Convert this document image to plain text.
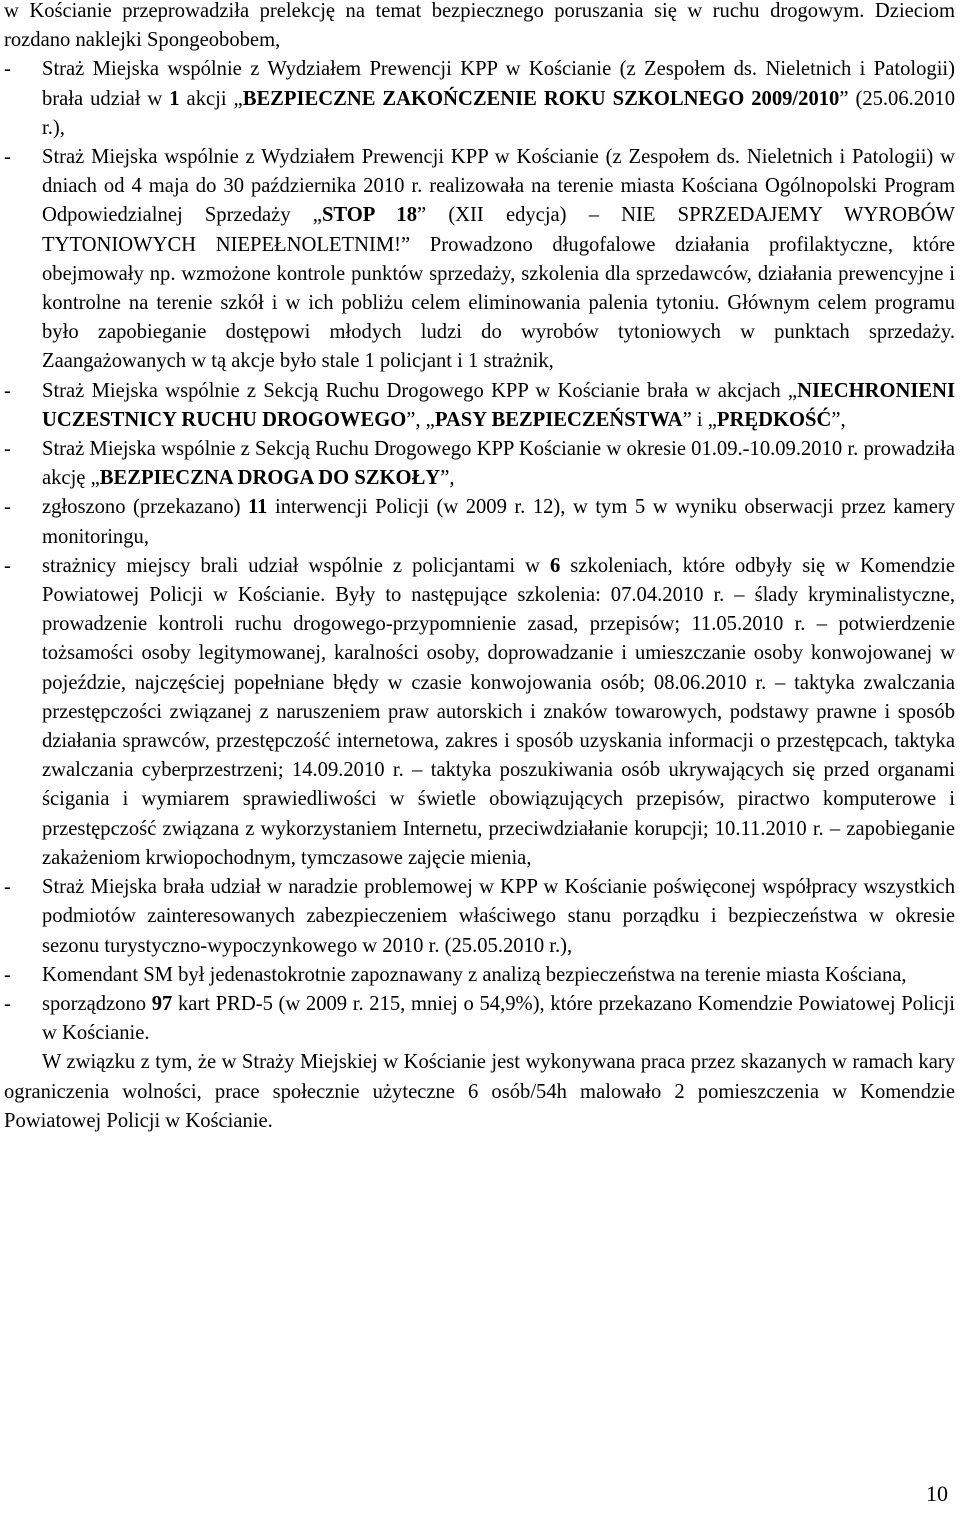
w Kościanie przeprowadziła prelekcję na temat bezpiecznego poruszania się w ruchu drogowym. Dzieciom rozdano naklejki Spongeobobem,

- Straż Miejska wspólnie z Wydziałem Prewencji KPP w Kościanie (z Zespołem ds. Nieletnich i Patologii) brała udział w 1 akcji „BEZPIECZNE ZAKOŃCZENIE ROKU SZKOLNEGO 2009/2010” (25.06.2010 r.),
- Straż Miejska wspólnie z Wydziałem Prewencji KPP w Kościanie (z Zespołem ds. Nieletnich i Patologii) w dniach od 4 maja do 30 października 2010 r. realizowała na terenie miasta Kościana Ogólnopolski Program Odpowiedzialnej Sprzedaży „STOP 18” (XII edycja) – NIE SPRZEDAJEMY WYROBÓW TYTONIOWYCH NIEPEŁNOLETNIM!” Prowadzono długofalowe działania profilaktyczne, które obejmowały np. wzmożone kontrole punktów sprzedaży, szkolenia dla sprzedawców, działania prewencyjne i kontrolne na terenie szkół i w ich pobliżu celem eliminowania palenia tytoniu. Głównym celem programu było zapobieganie dostępowi młodych ludzi do wyrobów tytoniowych w punktach sprzedaży. Zaangażowanych w tą akcje było stale 1 policjant i 1 strażnik,
- Straż Miejska wspólnie z Sekcją Ruchu Drogowego KPP w Kościanie brała w akcjach „NIECHRONIENI UCZESTNICY RUCHU DROGOWEGO”, „PASY BEZPIECZEŃSTWA” i „PRĘDKOŚĆ”,
- Straż Miejska wspólnie z Sekcją Ruchu Drogowego KPP Kościanie w okresie 01.09.-10.09.2010 r. prowadziła akcję „BEZPIECZNA DROGA DO SZKOŁY”,
- zgłoszono (przekazano) 11 interwencji Policji (w 2009 r. 12), w tym 5 w wyniku obserwacji przez kamery monitoringu,
- strażnicy miejscy brali udział wspólnie z policjantami w 6 szkoleniach, które odbyły się w Komendzie Powiatowej Policji w Kościanie. Były to następujące szkolenia: 07.04.2010 r. – ślady kryminalistyczne, prowadzenie kontroli ruchu drogowego-przypomnienie zasad, przepisów; 11.05.2010 r. – potwierdzenie tożsamości osoby legitymowanej, karalności osoby, doprowadzanie i umieszczanie osoby konwojowanej w pojeździe, najczęściej popełniane błędy w czasie konwojowania osób; 08.06.2010 r. – taktyka zwalczania przestępczości związanej z naruszeniem praw autorskich i znaków towarowych, podstawy prawne i sposób działania sprawców, przestępczość internetowa, zakres i sposób uzyskania informacji o przestępcach, taktyka zwalczania cyberprzestrzeni; 14.09.2010 r. – taktyka poszukiwania osób ukrywających się przed organami ścigania i wymiarem sprawiedliwości w świetle obowiązujących przepisów, piractwo komputerowe i przestępczość związana z wykorzystaniem Internetu, przeciwdziałanie korupcji; 10.11.2010 r. – zapobieganie zakażeniom krwiopochodnym, tymczasowe zajęcie mienia,
- Straż Miejska brała udział w naradzie problemowej w KPP w Kościanie poświęconej współpracy wszystkich podmiotów zainteresowanych zabezpieczeniem właściwego stanu porządku i bezpieczeństwa w okresie sezonu turystyczno-wypoczynkowego w 2010 r. (25.05.2010 r.),
- Komendant SM był jedenastokrotnie zapoznawany z analizą bezpieczeństwa na terenie miasta Kościana,
- sporządzono 97 kart PRD-5 (w 2009 r. 215, mniej o 54,9%), które przekazano Komendzie Powiatowej Policji w Kościanie.

W związku z tym, że w Straży Miejskiej w Kościanie jest wykonywana praca przez skazanych w ramach kary ograniczenia wolności, prace społecznie użyteczne 6 osób/54h malowało 2 pomieszczenia w Komendzie Powiatowej Policji w Kościanie.

10
